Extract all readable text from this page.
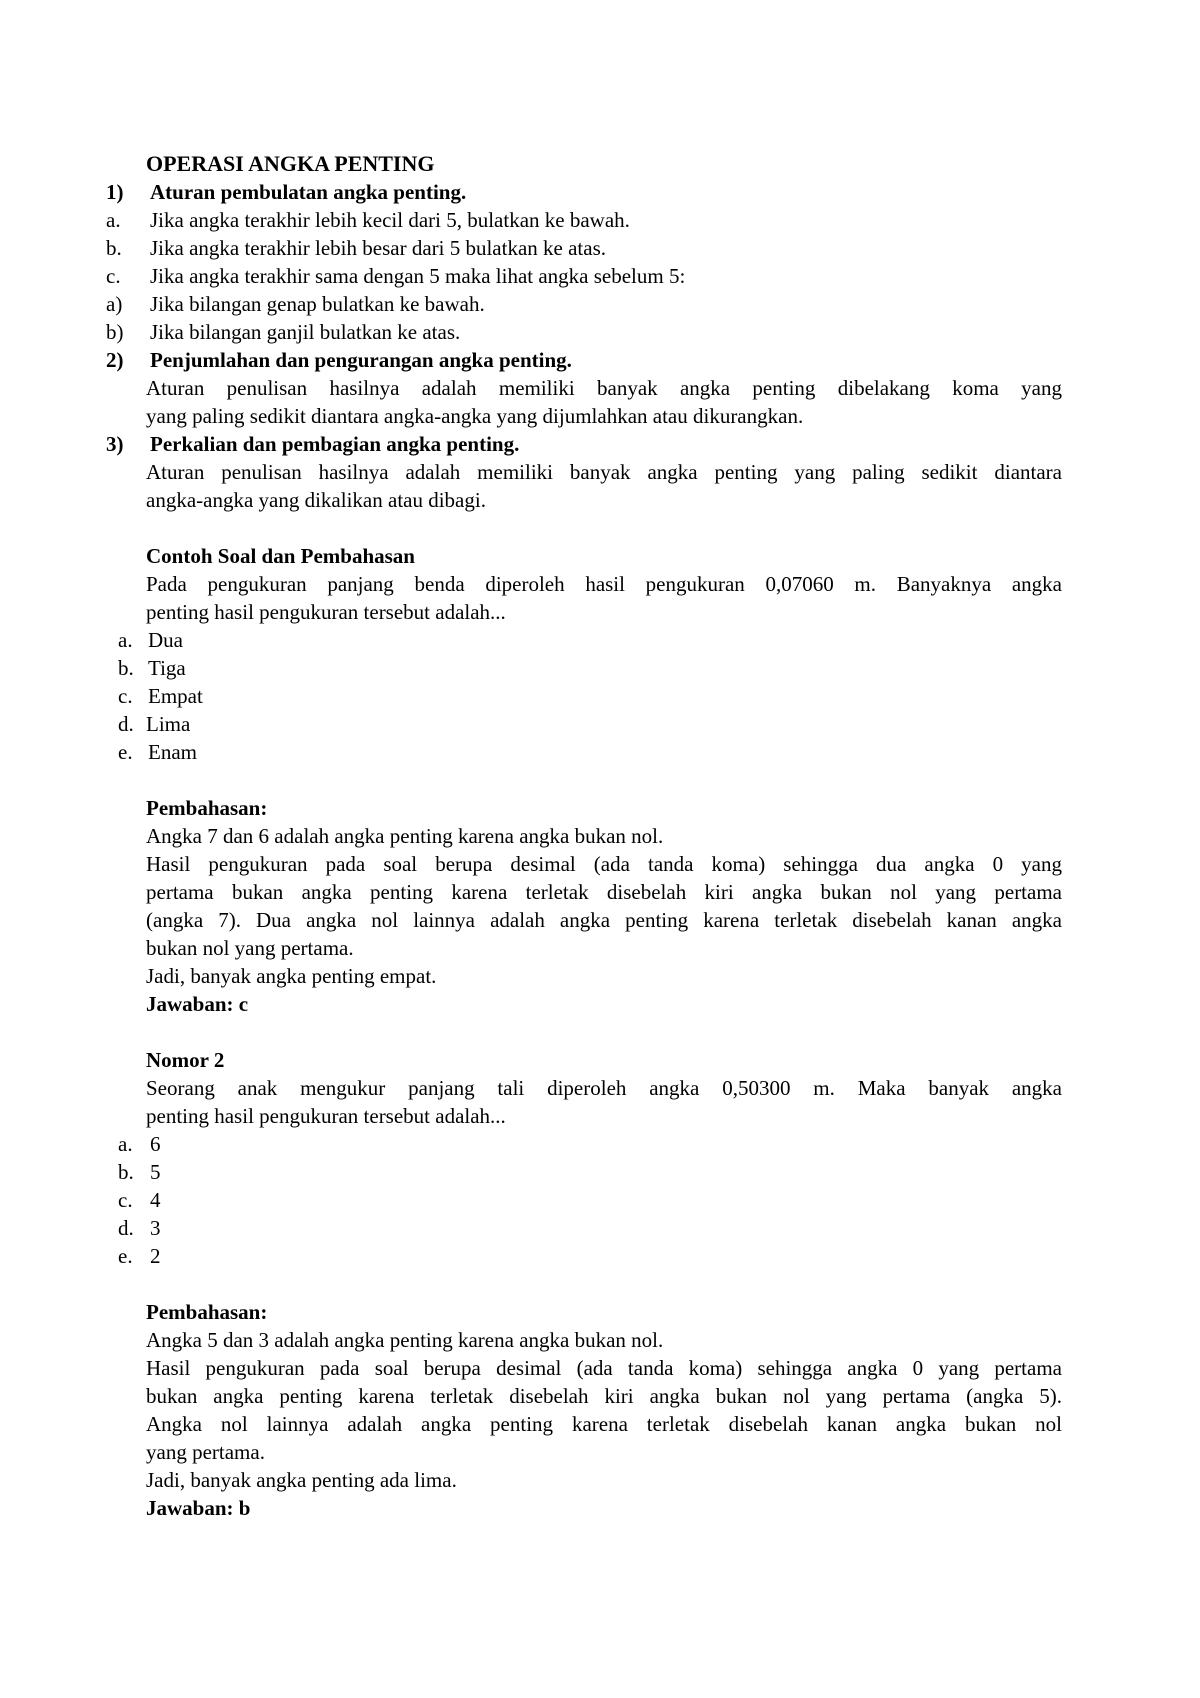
OPERASI ANGKA PENTING
1) Aturan pembulatan angka penting.
a. Jika angka terakhir lebih kecil dari 5, bulatkan ke bawah.
b. Jika angka terakhir lebih besar dari 5 bulatkan ke atas.
c. Jika angka terakhir sama dengan 5 maka lihat angka sebelum 5:
a) Jika bilangan genap bulatkan ke bawah.
b) Jika bilangan ganjil bulatkan ke atas.
2) Penjumlahan dan pengurangan angka penting.
Aturan penulisan hasilnya adalah memiliki banyak angka penting dibelakang koma yang
yang paling sedikit diantara angka-angka yang dijumlahkan atau dikurangkan.
3) Perkalian dan pembagian angka penting.
Aturan penulisan hasilnya adalah memiliki banyak angka penting yang paling sedikit diantara
angka-angka yang dikalikan atau dibagi.
Contoh Soal dan Pembahasan
Pada pengukuran panjang benda diperoleh hasil pengukuran 0,07060 m. Banyaknya angka
penting hasil pengukuran tersebut adalah...
a. Dua
b. Tiga
c. Empat
d. Lima
e. Enam
Pembahasan:
Angka 7 dan 6 adalah angka penting karena angka bukan nol.
Hasil pengukuran pada soal berupa desimal (ada tanda koma) sehingga dua angka 0 yang
pertama bukan angka penting karena terletak disebelah kiri angka bukan nol yang pertama
(angka 7). Dua angka nol lainnya adalah angka penting karena terletak disebelah kanan angka
bukan nol yang pertama.
Jadi, banyak angka penting empat.
Jawaban: c
Nomor 2
Seorang anak mengukur panjang tali diperoleh angka 0,50300 m. Maka banyak angka
penting hasil pengukuran tersebut adalah...
a. 6
b. 5
c. 4
d. 3
e. 2
Pembahasan:
Angka 5 dan 3 adalah angka penting karena angka bukan nol.
Hasil pengukuran pada soal berupa desimal (ada tanda koma) sehingga angka 0 yang pertama
bukan angka penting karena terletak disebelah kiri angka bukan nol yang pertama (angka 5).
Angka nol lainnya adalah angka penting karena terletak disebelah kanan angka bukan nol
yang pertama.
Jadi, banyak angka penting ada lima.
Jawaban: b
